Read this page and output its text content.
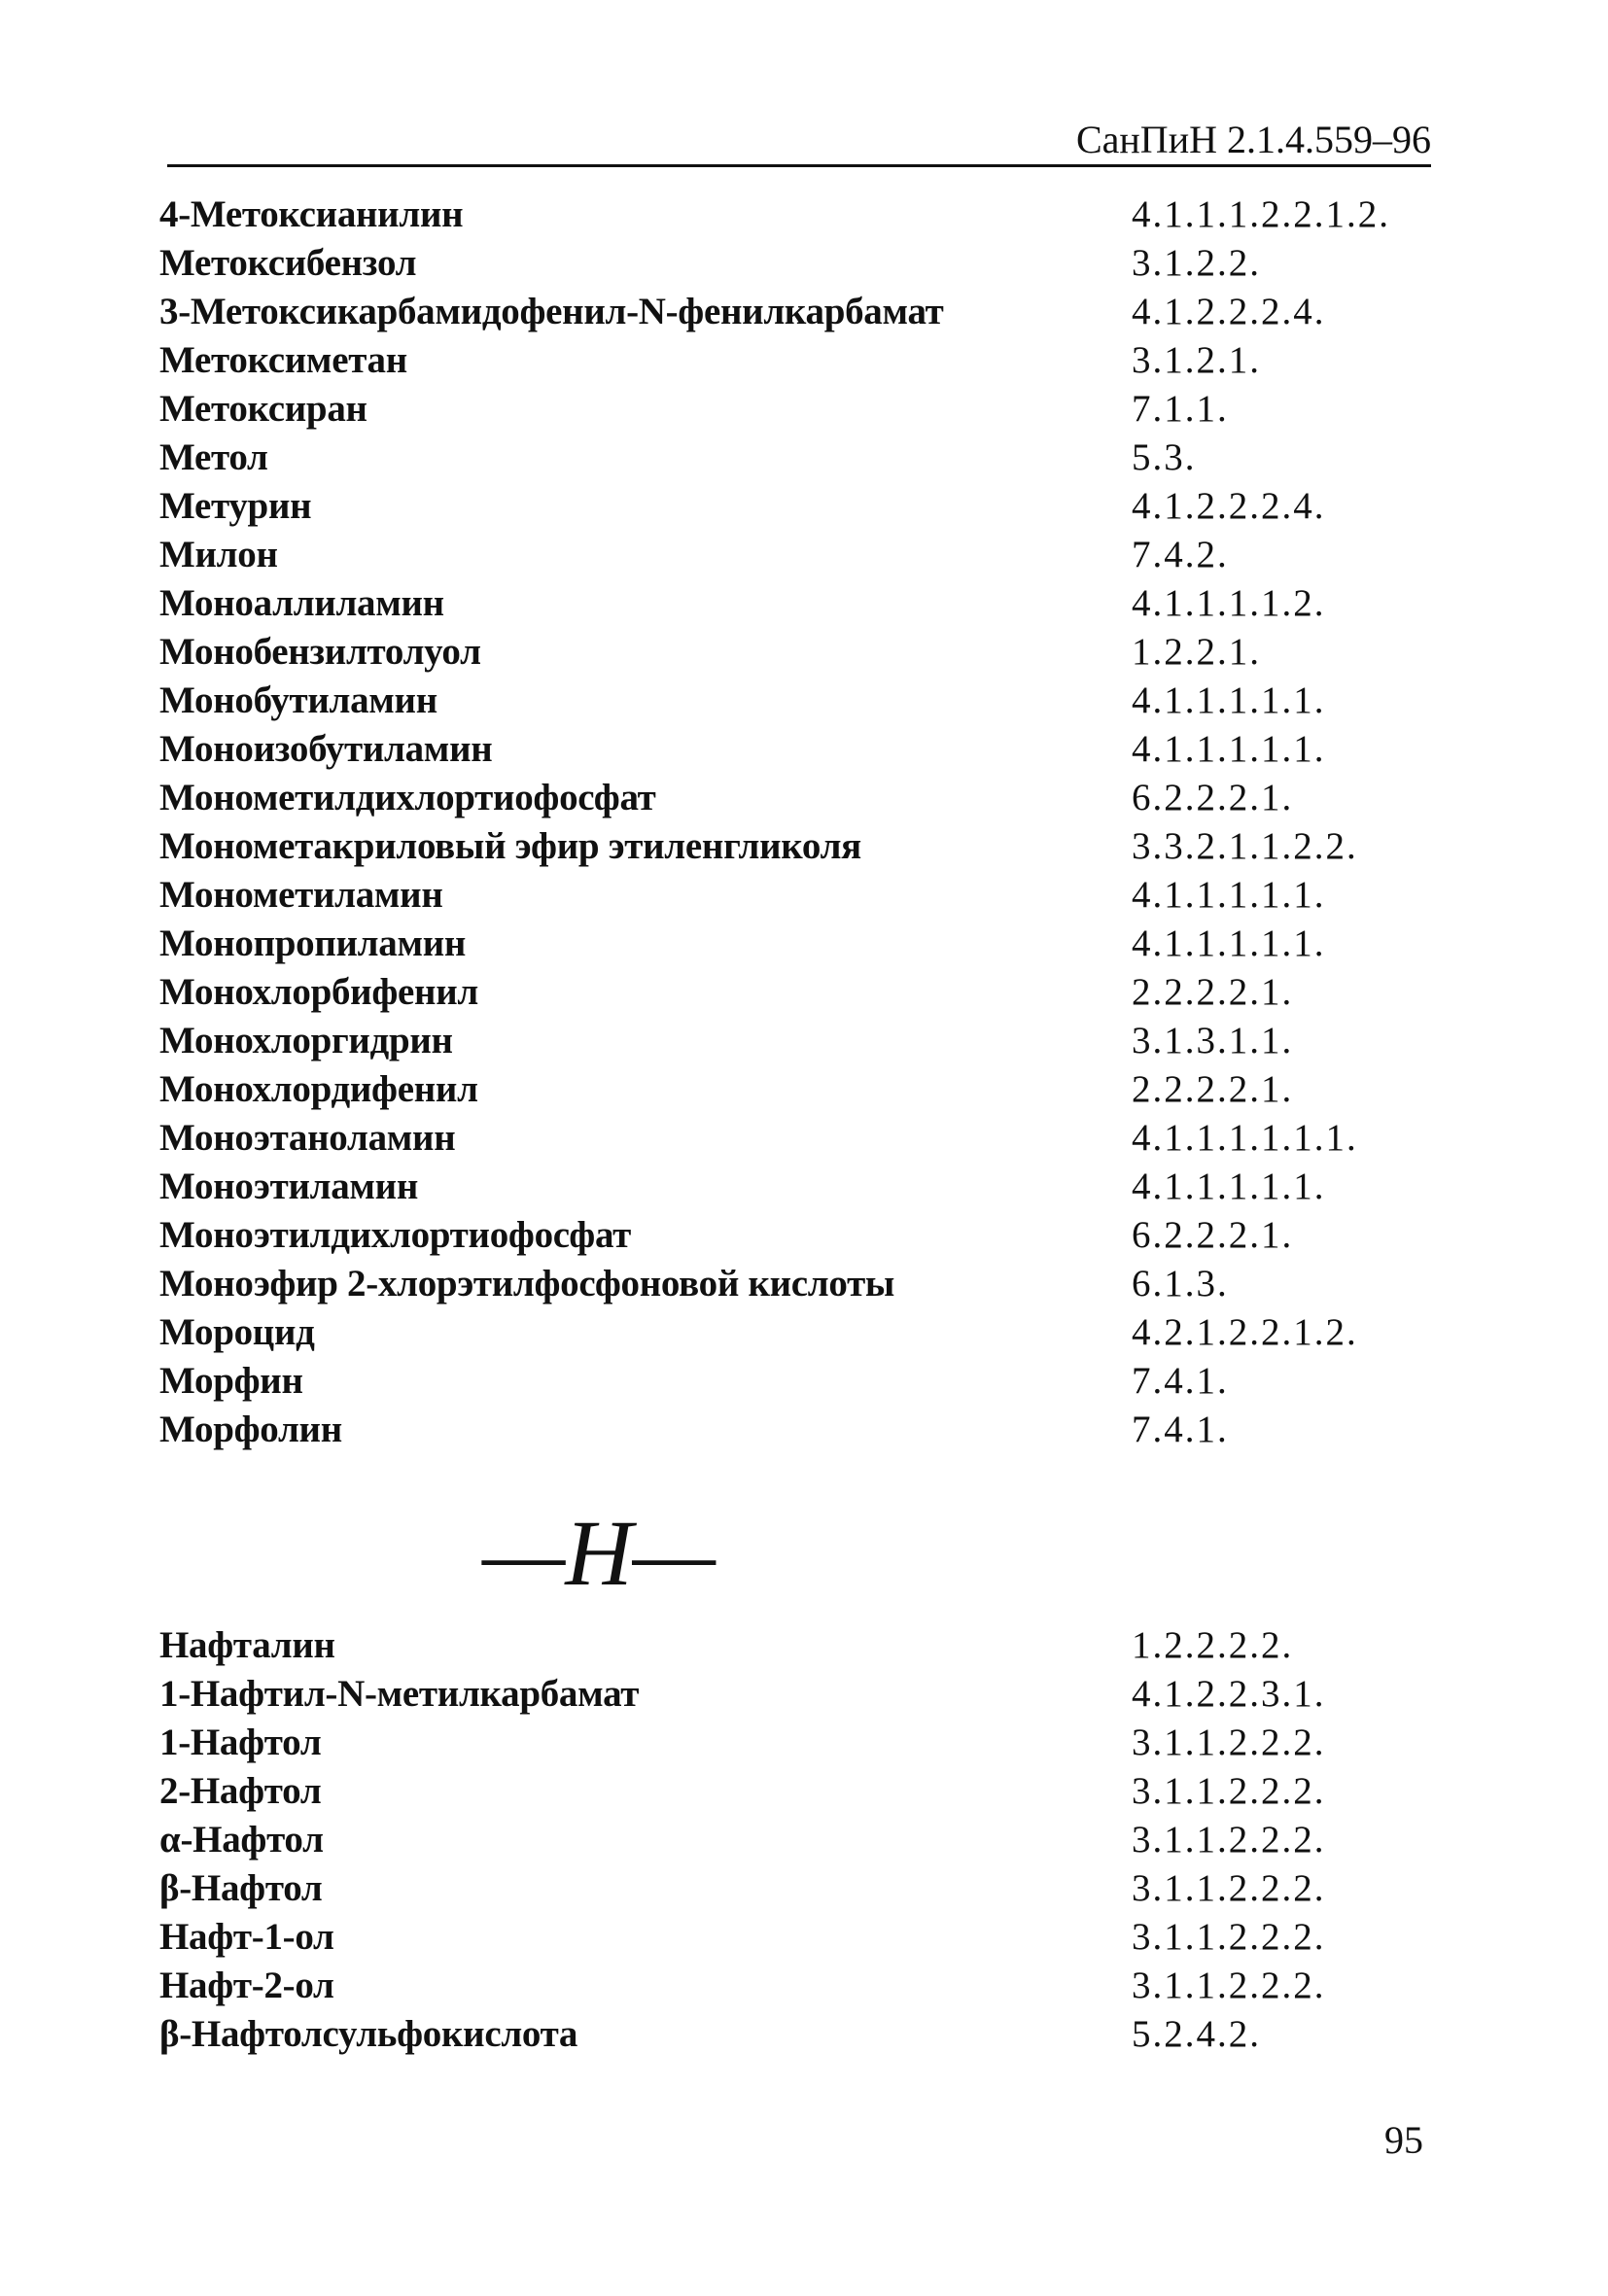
СанПиН 2.1.4.559–96
4-Метоксианилин	4.1.1.1.2.2.1.2.
Метоксибензол	3.1.2.2.
3-Метоксикарбамидофенил-N-фенилкарбамат	4.1.2.2.2.4.
Метоксиметан	3.1.2.1.
Метоксиран	7.1.1.
Метол	5.3.
Метурин	4.1.2.2.2.4.
Милон	7.4.2.
Моноаллиламин	4.1.1.1.1.2.
Монобензилтолуол	1.2.2.1.
Монобутиламин	4.1.1.1.1.1.
Моноизобутиламин	4.1.1.1.1.1.
Монометилдихлортиофосфат	6.2.2.2.1.
Монометакриловый эфир этиленгликоля	3.3.2.1.1.2.2.
Монометиламин	4.1.1.1.1.1.
Монопропиламин	4.1.1.1.1.1.
Монохлорбифенил	2.2.2.2.1.
Монохлоргидрин	3.1.3.1.1.
Монохлордифенил	2.2.2.2.1.
Моноэтаноламин	4.1.1.1.1.1.1.
Моноэтиламин	4.1.1.1.1.1.
Моноэтилдихлортиофосфат	6.2.2.2.1.
Моноэфир 2-хлорэтилфосфоновой кислоты	6.1.3.
Мороцид	4.2.1.2.2.1.2.
Морфин	7.4.1.
Морфолин	7.4.1.
—Н—
Нафталин	1.2.2.2.2.
1-Нафтил-N-метилкарбамат	4.1.2.2.3.1.
1-Нафтол	3.1.1.2.2.2.
2-Нафтол	3.1.1.2.2.2.
α-Нафтол	3.1.1.2.2.2.
β-Нафтол	3.1.1.2.2.2.
Нафт-1-ол	3.1.1.2.2.2.
Нафт-2-ол	3.1.1.2.2.2.
β-Нафтолсульфокислота	5.2.4.2.
95
